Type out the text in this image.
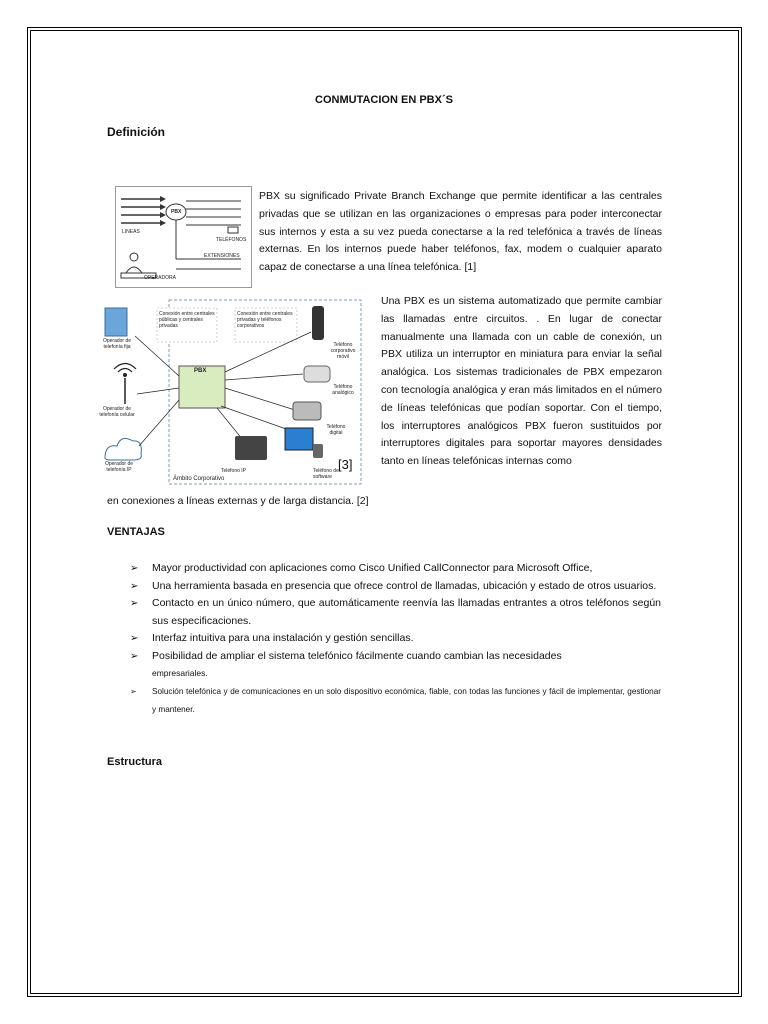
CONMUTACION EN PBX´S
Definición
PBX
LINEAS
TELÉFONOS
EXTENSIONES
OPERADORA
PBX su significado Private Branch Exchange que permite identificar a las centrales privadas que se utilizan en las organizaciones o empresas para poder interconectar sus internos y esta a su vez pueda conectarse a la red telefónica a través de líneas externas. En los internos puede haber teléfonos, fax, modem o cualquier aparato capaz de conectarse a una línea telefónica. [1]
PBX
Conexión entre centrales públicas y centrales privadas
Conexión entre centrales privadas y teléfonos corporativos
Operador de telefonía fija
Operador de telefonía celular
Operador de telefonía IP
Teléfono corporativo móvil
Teléfono analógico
Teléfono digital
Teléfono IP	Teléfono de software
Ámbito Corporativo
[3]
Una PBX es un sistema automatizado que permite cambiar las llamadas entre circuitos. . En lugar de conectar manualmente una llamada con un cable de conexión, un PBX utiliza un interruptor en miniatura para enviar la señal analógica. Los sistemas tradicionales de PBX empezaron con tecnología analógica y eran más limitados en el número de líneas telefónicas que podían soportar. Con el tiempo, los interruptores analógicos PBX fueron sustituidos por interruptores digitales para soportar mayores densidades tanto en líneas telefónicas internas como
en conexiones a líneas externas y de larga distancia. [2]
VENTAJAS
➢ Mayor productividad con aplicaciones como Cisco Unified CallConnector para Microsoft Office,
➢ Una herramienta basada en presencia que ofrece control de llamadas, ubicación y estado de otros usuarios.
➢ Contacto en un único número, que automáticamente reenvía las llamadas entrantes a otros teléfonos según sus especificaciones.
➢ Interfaz intuitiva para una instalación y gestión sencillas.
➢ Posibilidad de ampliar el sistema telefónico fácilmente cuando cambian las necesidades
empresariales.
➢ Solución telefónica y de comunicaciones en un solo dispositivo económica, fiable, con todas las funciones y fácil de implementar, gestionar y mantener.
Estructura
